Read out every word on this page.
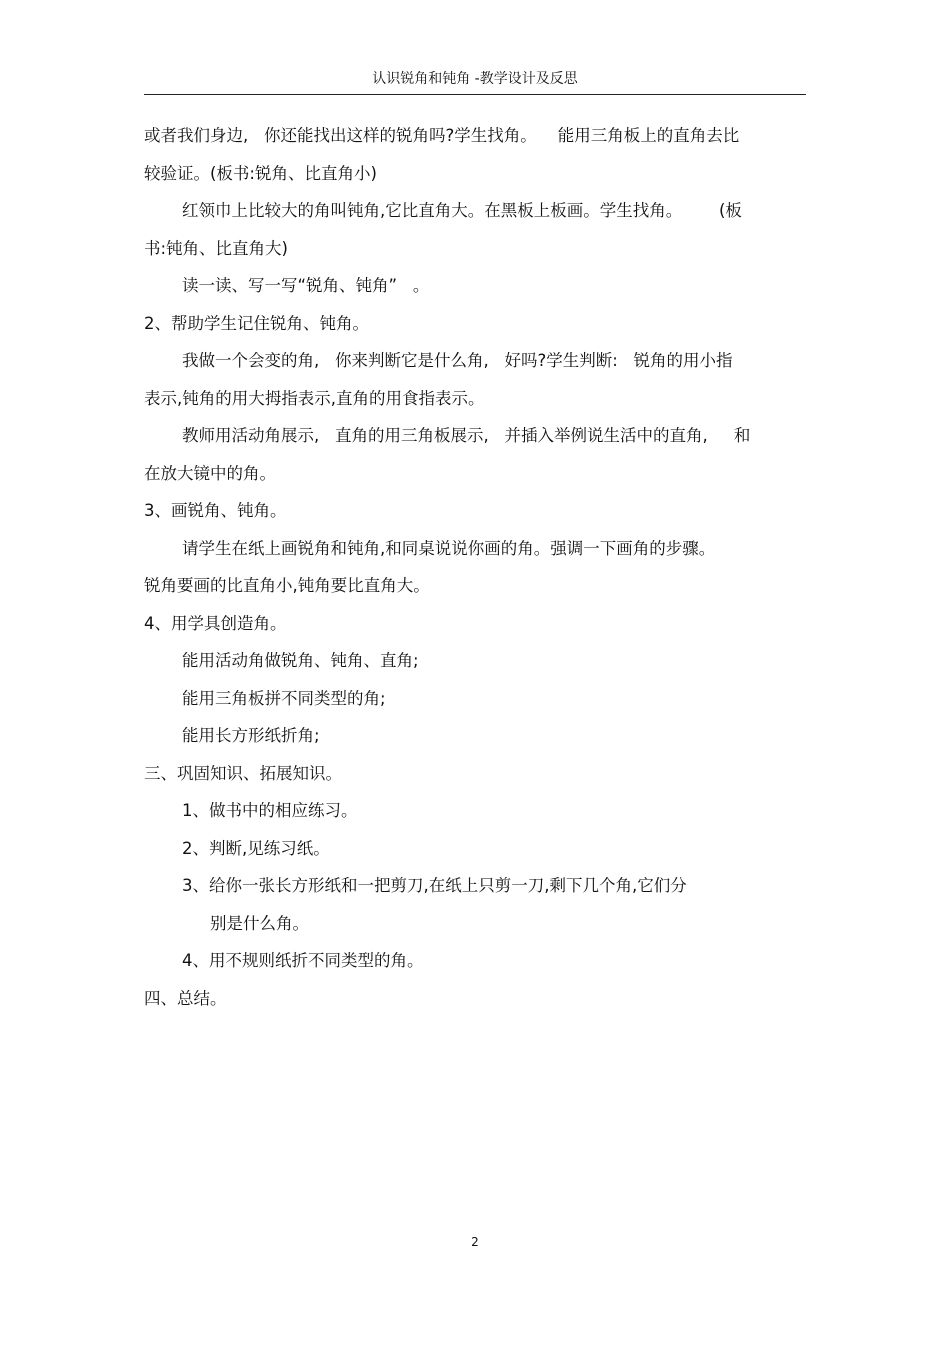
认识锐角和钝角 -教学设计及反思
或者我们身边,   你还能找出这样的锐角吗?学生找角。    能用三角板上的直角去比
较验证。(板书:锐角、比直角小)
红领巾上比较大的角叫钝角,它比直角大。在黑板上板画。学生找角。       (板
书:钝角、比直角大)
读一读、写一写“锐角、钝角”   。
2、帮助学生记住锐角、钝角。
我做一个会变的角,   你来判断它是什么角,   好吗?学生判断:   锐角的用小指
表示,钝角的用大拇指表示,直角的用食指表示。
教师用活动角展示,   直角的用三角板展示,   并插入举例说生活中的直角,     和
在放大镜中的角。
3、画锐角、钝角。
请学生在纸上画锐角和钝角,和同桌说说你画的角。强调一下画角的步骤。
锐角要画的比直角小,钝角要比直角大。
4、用学具创造角。
能用活动角做锐角、钝角、直角;
能用三角板拼不同类型的角;
能用长方形纸折角;
三、巩固知识、拓展知识。
1、做书中的相应练习。
2、判断,见练习纸。
3、给你一张长方形纸和一把剪刀,在纸上只剪一刀,剩下几个角,它们分
别是什么角。
4、用不规则纸折不同类型的角。
四、总结。
2
